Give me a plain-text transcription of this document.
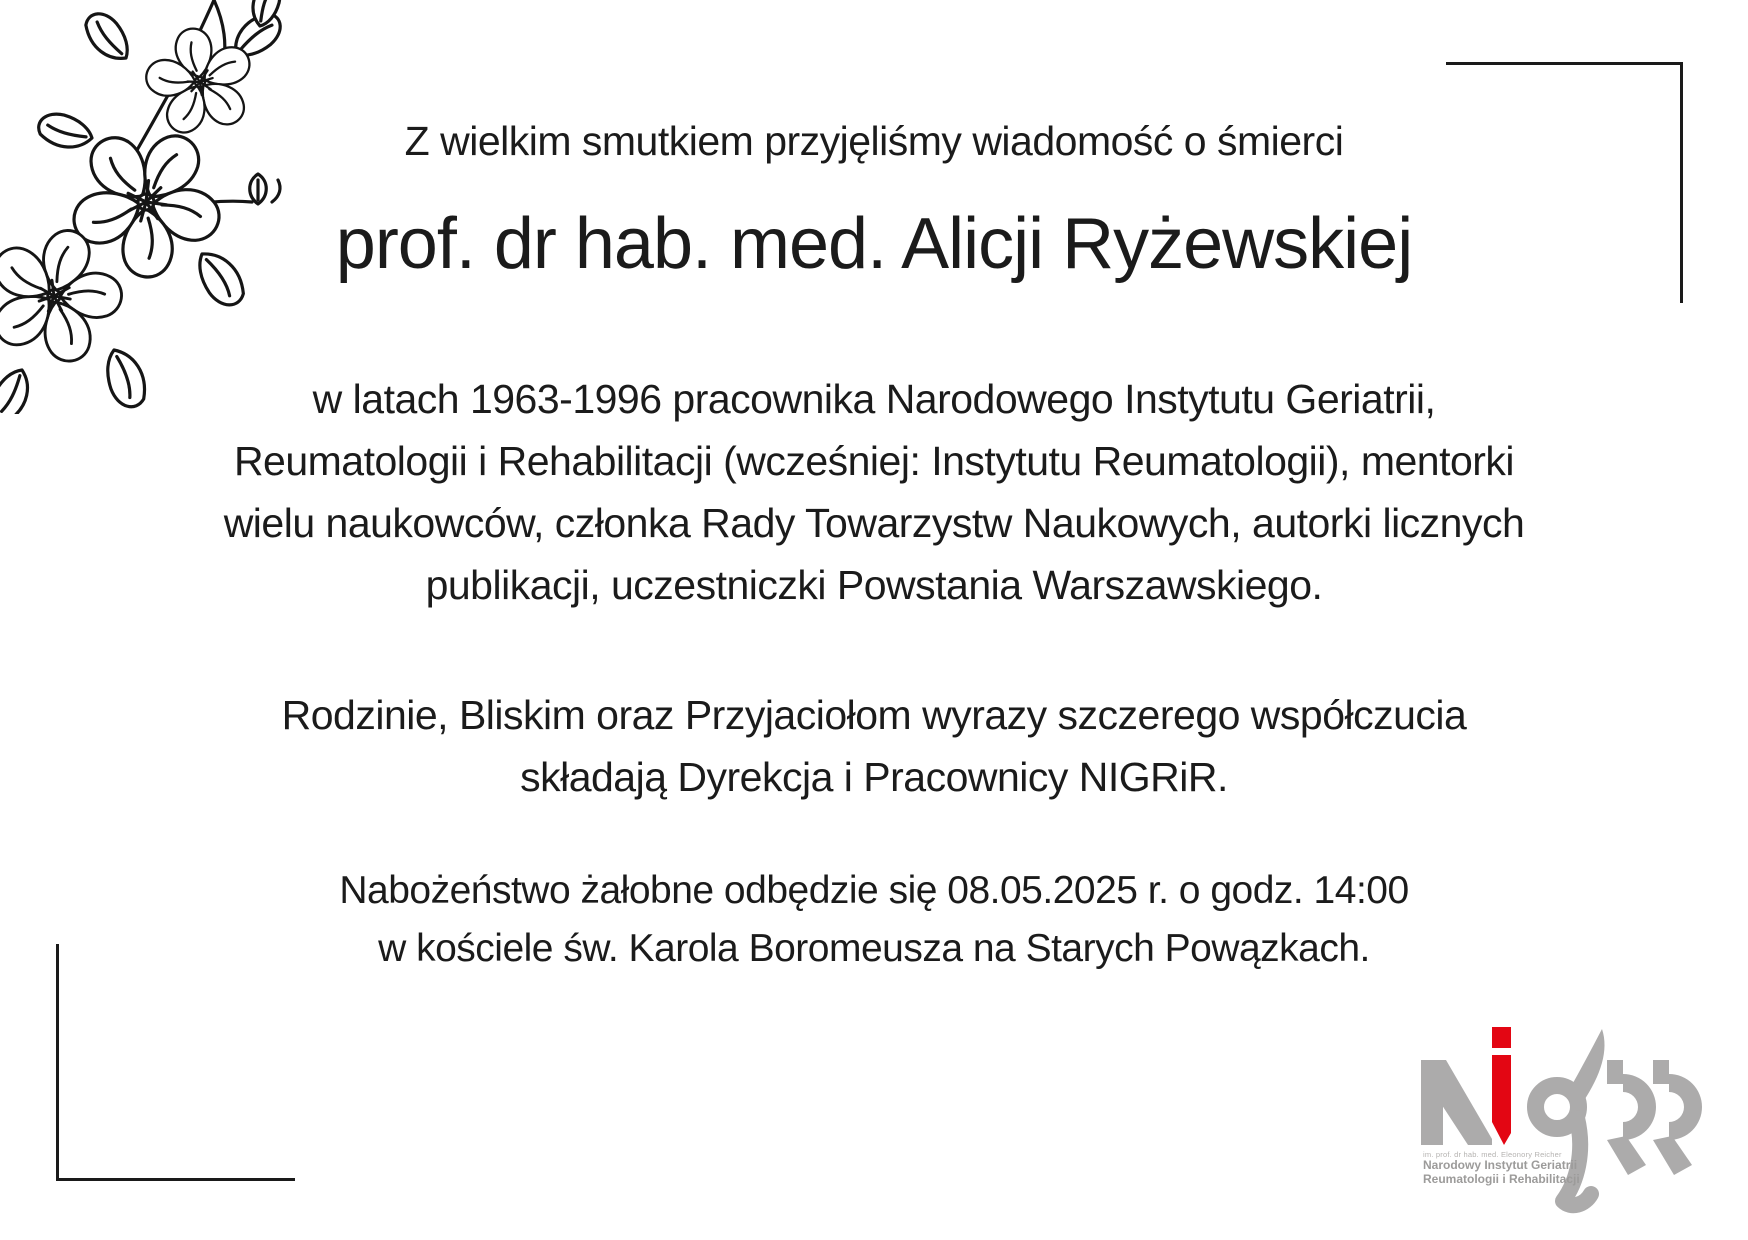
Z wielkim smutkiem przyjęliśmy wiadomość o śmierci
prof. dr hab. med. Alicji Ryżewskiej
w latach 1963-1996 pracownika Narodowego Instytutu Geriatrii,
Reumatologii i Rehabilitacji (wcześniej: Instytutu Reumatologii), mentorki
wielu naukowców, członka Rady Towarzystw Naukowych, autorki licznych
publikacji, uczestniczki Powstania Warszawskiego.
Rodzinie, Bliskim oraz Przyjaciołom wyrazy szczerego współczucia
składają Dyrekcja i Pracownicy NIGRiR.
Nabożeństwo żałobne odbędzie się 08.05.2025 r. o godz. 14:00
w kościele św. Karola Boromeusza na Starych Powązkach.
im. prof. dr hab. med. Eleonory Reicher
Narodowy Instytut Geriatrii
Reumatologii i Rehabilitacji
